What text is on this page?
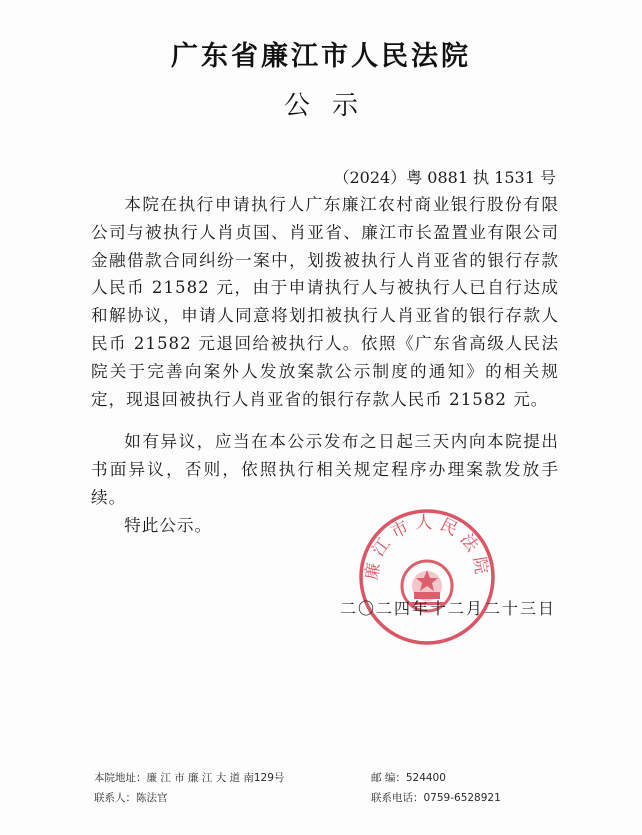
广东省廉江市人民法院
公示
（2024）粤 0881 执 1531 号

本院在执行申请执行人广东廉江农村商业银行股份有限公司与被执行人肖贞国、肖亚省、廉江市长盈置业有限公司金融借款合同纠纷一案中，划拨被执行人肖亚省的银行存款人民币 21582 元，由于申请执行人与被执行人已自行达成和解协议，申请人同意将划扣被执行人肖亚省的银行存款人民币 21582 元退回给被执行人。依照《广东省高级人民法院关于完善向案外人发放案款公示制度的通知》的相关规定，现退回被执行人肖亚省的银行存款人民币 21582 元。

如有异议，应当在本公示发布之日起三天内向本院提出书面异议，否则，依照执行相关规定程序办理案款发放手续。

特此公示。

廉江市人民法院
二〇二四年十二月二十三日
本院地址：廉 江 市 廉 江 大 道 南129号	邮 编：524400
联系人：陈法官	联系电话：0759-6528921
